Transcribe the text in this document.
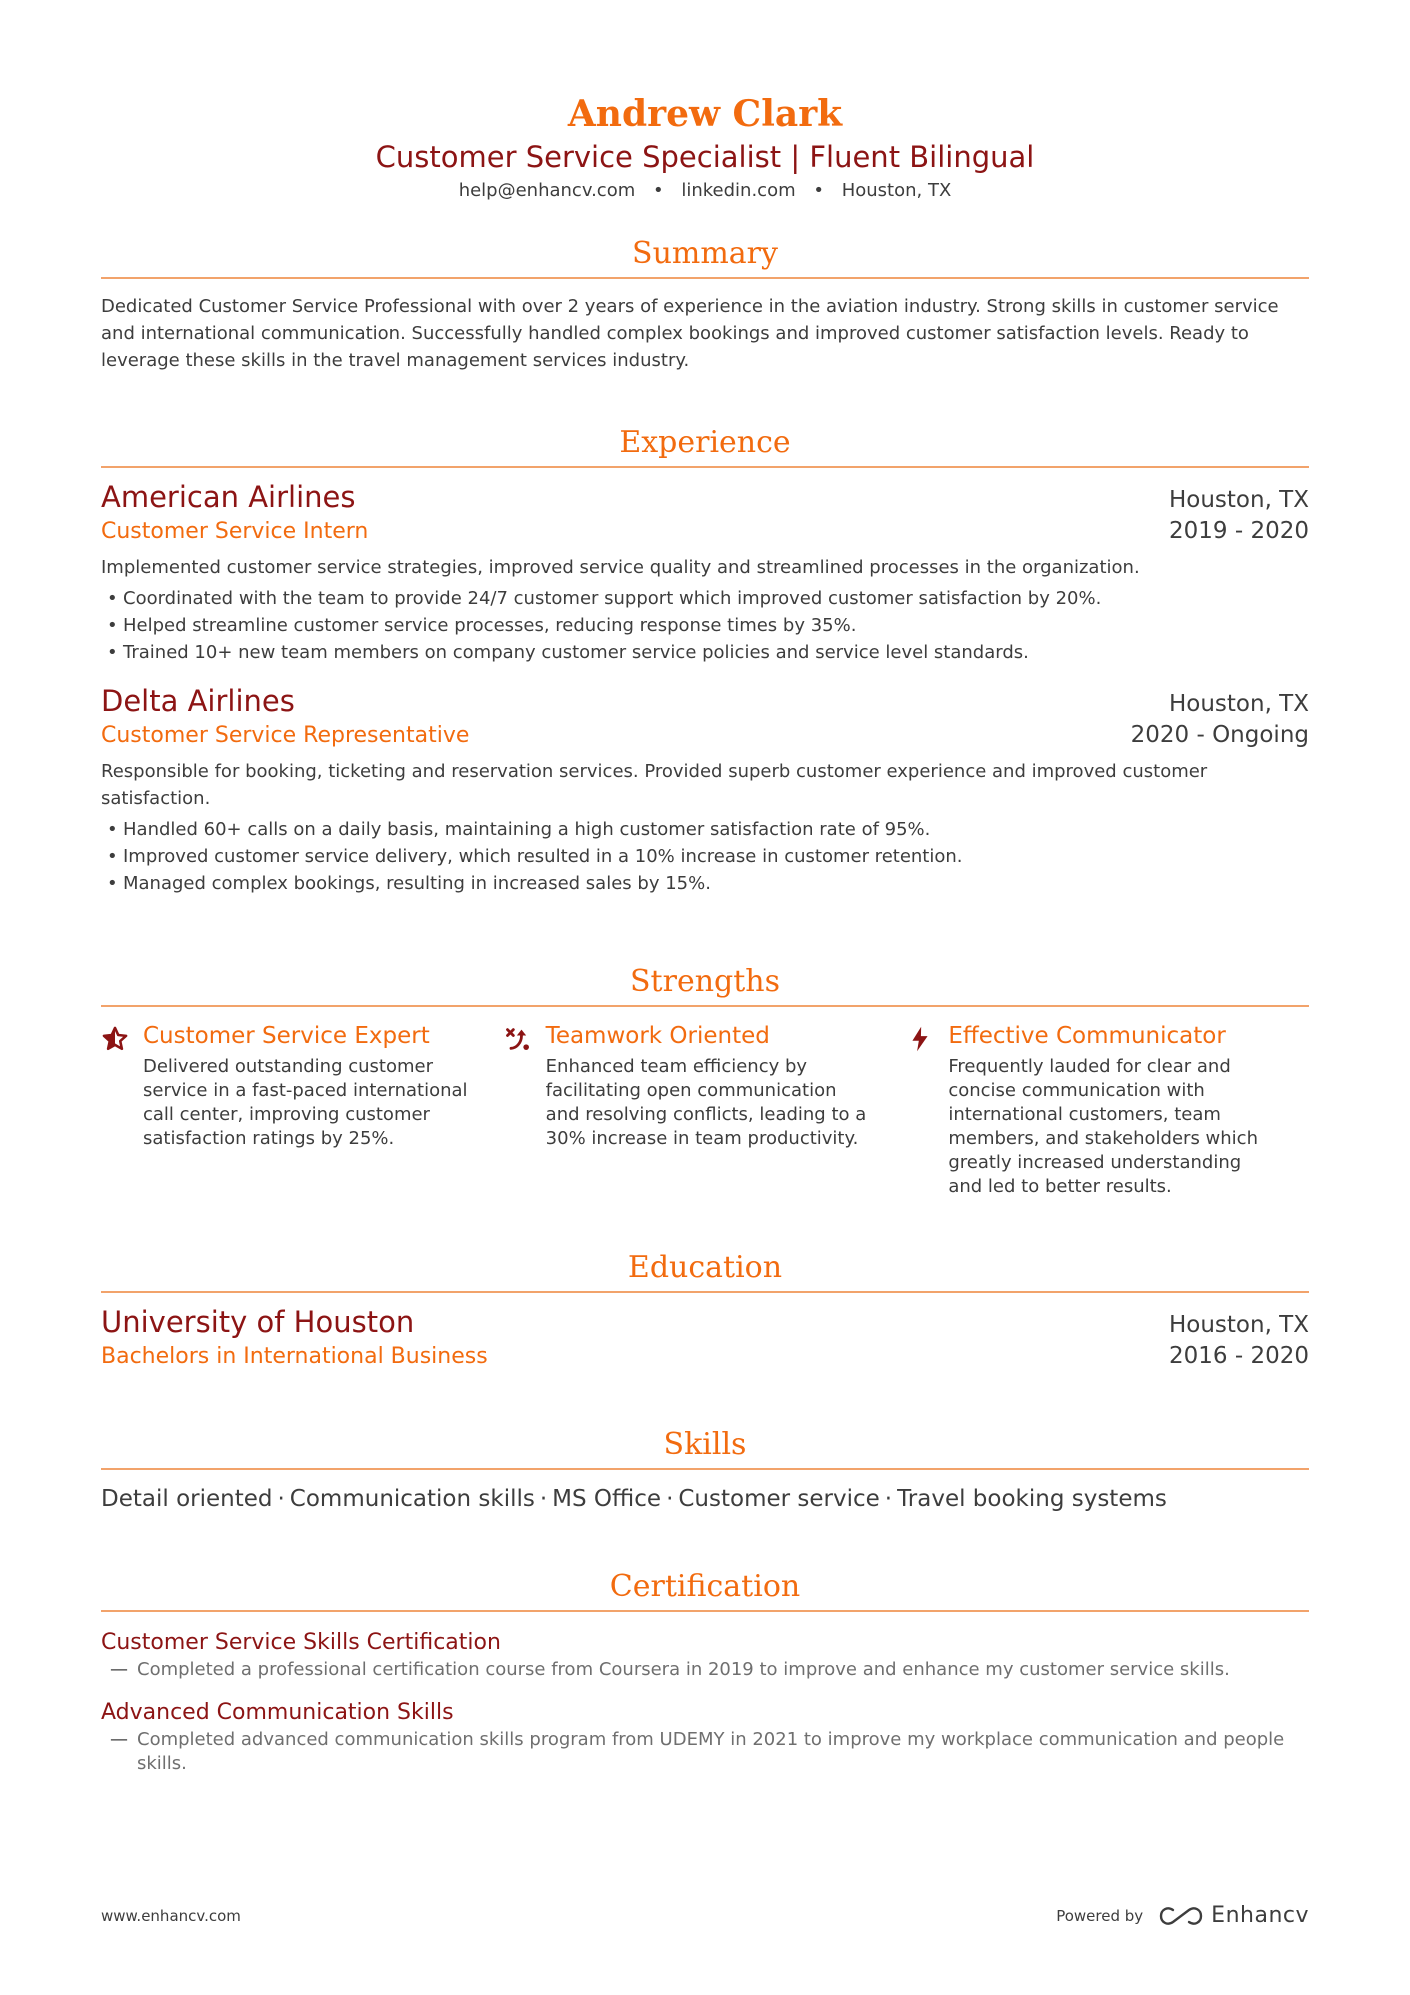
Andrew Clark
Customer Service Specialist | Fluent Bilingual
help@enhancv.com • linkedin.com • Houston, TX
Summary

Dedicated Customer Service Professional with over 2 years of experience in the aviation industry. Strong skills in customer service and international communication. Successfully handled complex bookings and improved customer satisfaction levels. Ready to leverage these skills in the travel management services industry.

Experience
American Airlines	Houston, TX
Customer Service Intern	2019 - 2020

Implemented customer service strategies, improved service quality and streamlined processes in the organization.

• Coordinated with the team to provide 24/7 customer support which improved customer satisfaction by 20%.
• Helped streamline customer service processes, reducing response times by 35%.
• Trained 10+ new team members on company customer service policies and service level standards.
Delta Airlines	Houston, TX
Customer Service Representative	2020 - Ongoing

Responsible for booking, ticketing and reservation services. Provided superb customer experience and improved customer satisfaction.

• Handled 60+ calls on a daily basis, maintaining a high customer satisfaction rate of 95%.
• Improved customer service delivery, which resulted in a 10% increase in customer retention.
• Managed complex bookings, resulting in increased sales by 15%.
Strengths
Customer Service Expert
Delivered outstanding customer service in a fast-paced international call center, improving customer satisfaction ratings by 25%.
Teamwork Oriented
Enhanced team efficiency by facilitating open communication and resolving conflicts, leading to a 30% increase in team productivity.
Effective Communicator
Frequently lauded for clear and concise communication with international customers, team members, and stakeholders which greatly increased understanding and led to better results.
Education
University of Houston	Houston, TX
Bachelors in International Business	2016 - 2020
Skills
Detail oriented · Communication skills · MS Office · Customer service · Travel booking systems
Certification
Customer Service Skills Certification
— Completed a professional certification course from Coursera in 2019 to improve and enhance my customer service skills.
Advanced Communication Skills
— Completed advanced communication skills program from UDEMY in 2021 to improve my workplace communication and people skills.
www.enhancv.com	Powered by	Enhancv
